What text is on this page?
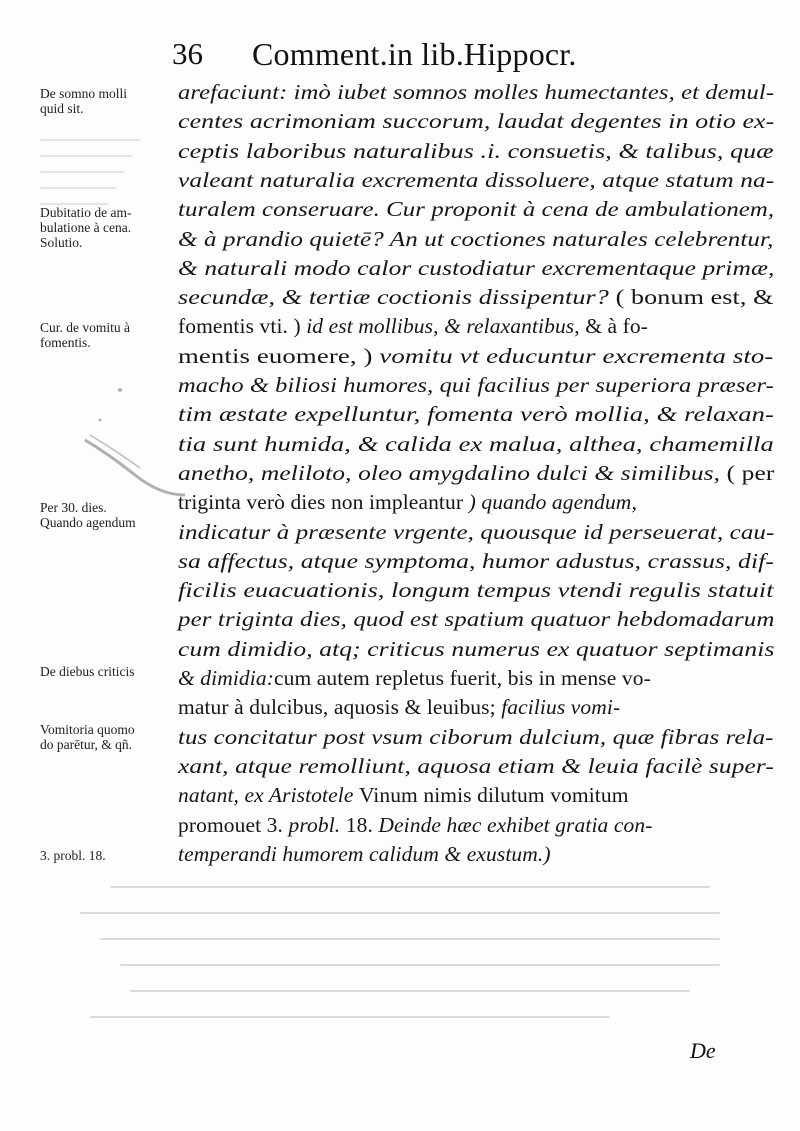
36 Comment.in lib.Hippocr.
De somno molli
quid sit.
Dubitatio de am-
bulatione à cena.
Solutio.
Cur. de vomitu à
fomentis.
Per 30. dies.
Quando agendum
De diebus criticis
Vomitoria quomo
do parētur, & qñ.
3. probl. 18.
arefaciunt: imò iubet somnos molles humectantes, et demul-
centes acrimoniam succorum, laudat degentes in otio ex-
ceptis laboribus naturalibus .i. consuetis, & talibus, quæ
valeant naturalia excrementa dissoluere, atque statum na-
turalem conseruare. Cur proponit à cena de ambulationem,
& à prandio quietē? An ut coctiones naturales celebrentur,
& naturali modo calor custodiatur excrementaque primæ,
secundæ, & tertiæ coctionis dissipentur? ( bonum est, &
fomentis vti. ) id est mollibus, & relaxantibus, & à fo-
mentis euomere, ) vomitu vt educuntur excrementa sto-
macho & biliosi humores, qui facilius per superiora præser-
tim æstate expelluntur, fomenta verò mollia, & relaxan-
tia sunt humida, & calida ex malua, althea, chamemilla
anetho, meliloto, oleo amygdalino dulci & similibus, ( per
triginta verò dies non impleantur ) quando agendum,
indicatur à præsente vrgente, quousque id perseuerat, cau-
sa affectus, atque symptoma, humor adustus, crassus, dif-
ficilis euacuationis, longum tempus vtendi regulis statuit
per triginta dies, quod est spatium quatuor hebdomadarum
cum dimidio, atq; criticus numerus ex quatuor septimanis
& dimidia:cum autem repletus fuerit, bis in mense vo-
matur à dulcibus, aquosis & leuibus; facilius vomi-
tus concitatur post vsum ciborum dulcium, quæ fibras rela-
xant, atque remolliunt, aquosa etiam & leuia facilè super-
natant, ex Aristotele Vinum nimis dilutum vomitum
promouet 3. probl. 18. Deinde hæc exhibet gratia con-
temperandi humorem calidum & exustum.)
De
